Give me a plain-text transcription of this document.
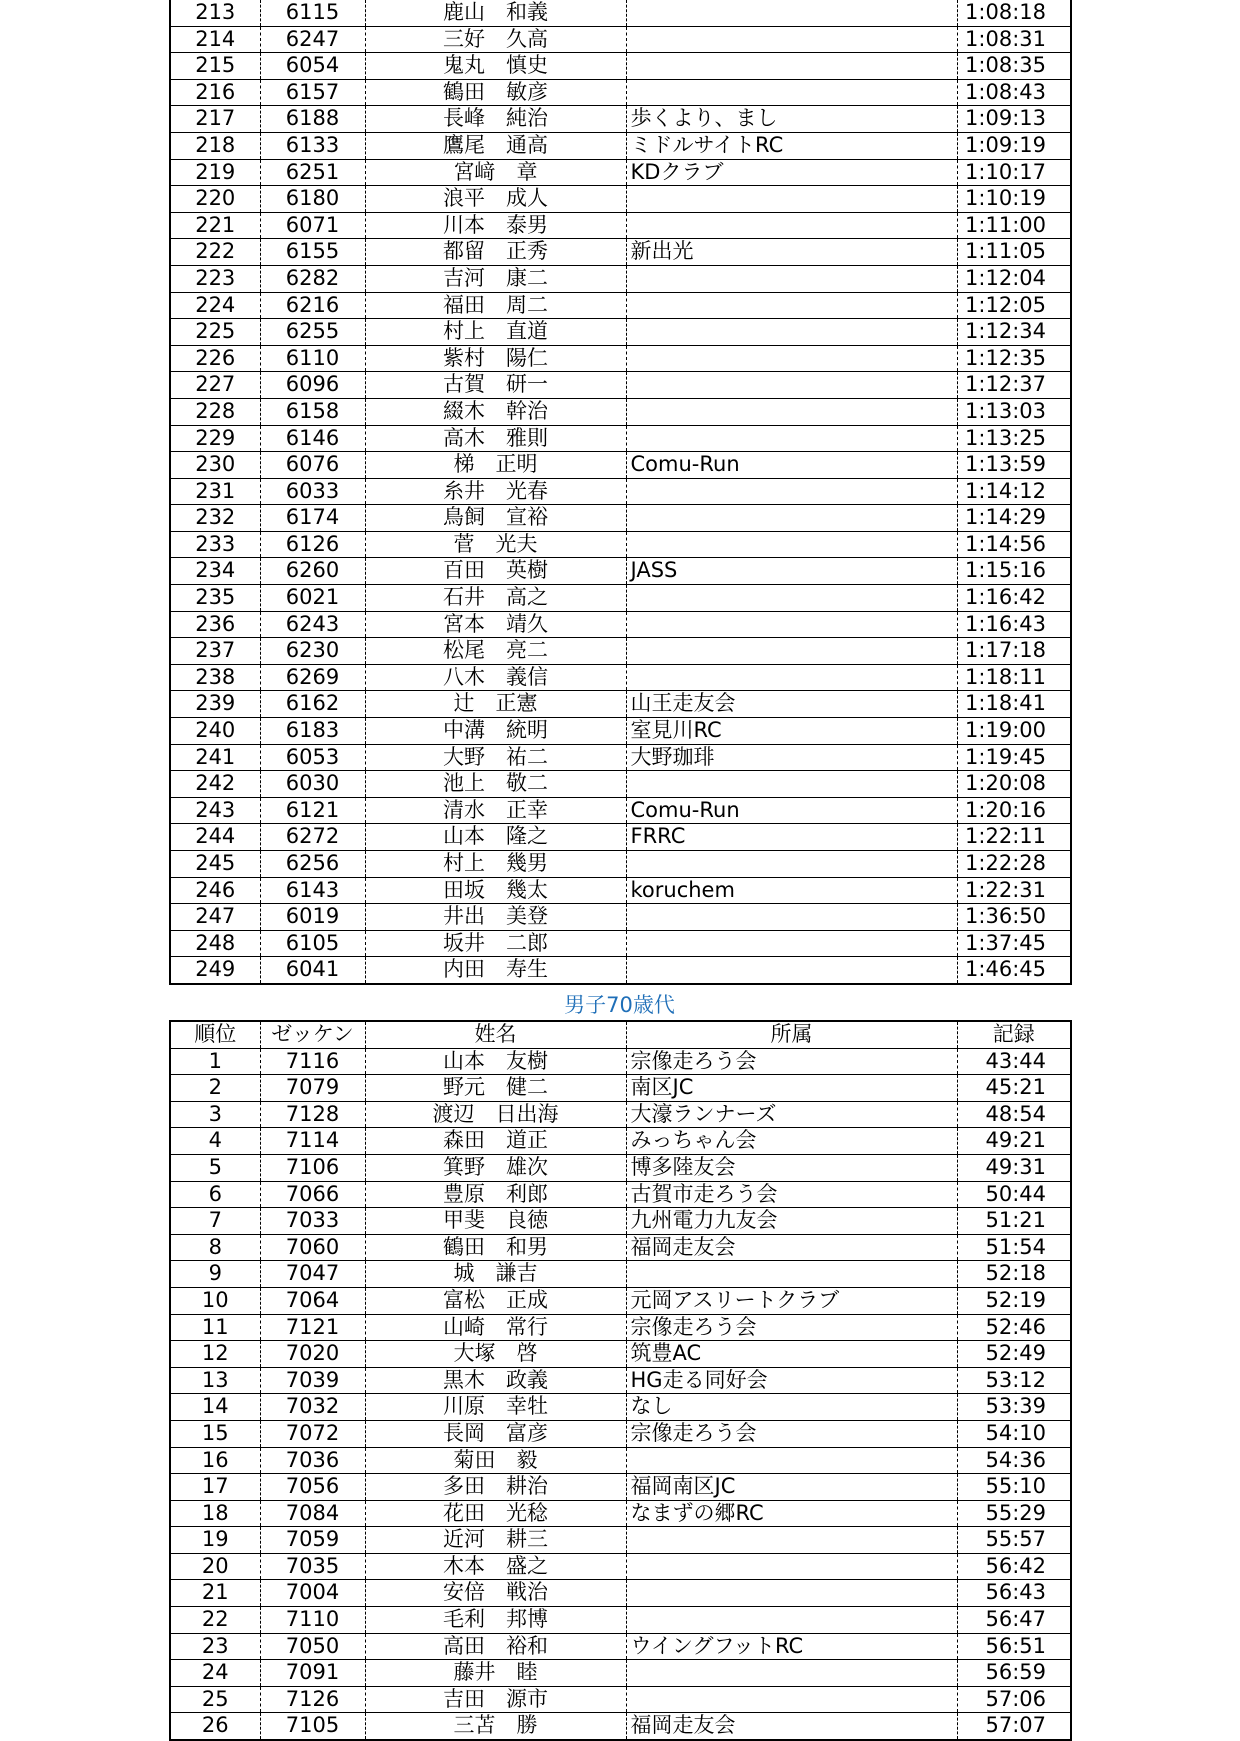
213	6115	鹿山　和義		1:08:18
214	6247	三好　久高		1:08:31
215	6054	鬼丸　慎史		1:08:35
216	6157	鶴田　敏彦		1:08:43
217	6188	長峰　純治	歩くより、まし	1:09:13
218	6133	鷹尾　通高	ミドルサイトRC	1:09:19
219	6251	宮﨑　章	KDクラブ	1:10:17
220	6180	浪平　成人		1:10:19
221	6071	川本　泰男		1:11:00
222	6155	都留　正秀	新出光	1:11:05
223	6282	吉河　康二		1:12:04
224	6216	福田　周二		1:12:05
225	6255	村上　直道		1:12:34
226	6110	紫村　陽仁		1:12:35
227	6096	古賀　研一		1:12:37
228	6158	綴木　幹治		1:13:03
229	6146	高木　雅則		1:13:25
230	6076	梯　正明	Comu-Run	1:13:59
231	6033	糸井　光春		1:14:12
232	6174	鳥飼　宣裕		1:14:29
233	6126	菅　光夫		1:14:56
234	6260	百田　英樹	JASS	1:15:16
235	6021	石井　高之		1:16:42
236	6243	宮本　靖久		1:16:43
237	6230	松尾　亮二		1:17:18
238	6269	八木　義信		1:18:11
239	6162	辻　正憲	山王走友会	1:18:41
240	6183	中溝　統明	室見川RC	1:19:00
241	6053	大野　祐二	大野珈琲	1:19:45
242	6030	池上　敬二		1:20:08
243	6121	清水　正幸	Comu-Run	1:20:16
244	6272	山本　隆之	FRRC	1:22:11
245	6256	村上　幾男		1:22:28
246	6143	田坂　幾太	koruchem	1:22:31
247	6019	井出　美登		1:36:50
248	6105	坂井　二郎		1:37:45
249	6041	内田　寿生		1:46:45
男子70歳代
順位	ゼッケン	姓名	所属	記録
1	7116	山本　友樹	宗像走ろう会	43:44
2	7079	野元　健二	南区JC	45:21
3	7128	渡辺　日出海	大濠ランナーズ	48:54
4	7114	森田　道正	みっちゃん会	49:21
5	7106	箕野　雄次	博多陸友会	49:31
6	7066	豊原　利郎	古賀市走ろう会	50:44
7	7033	甲斐　良徳	九州電力九友会	51:21
8	7060	鶴田　和男	福岡走友会	51:54
9	7047	城　謙吉		52:18
10	7064	富松　正成	元岡アスリートクラブ	52:19
11	7121	山崎　常行	宗像走ろう会	52:46
12	7020	大塚　啓	筑豊AC	52:49
13	7039	黒木　政義	HG走る同好会	53:12
14	7032	川原　幸牡	なし	53:39
15	7072	長岡　富彦	宗像走ろう会	54:10
16	7036	菊田　毅		54:36
17	7056	多田　耕治	福岡南区JC	55:10
18	7084	花田　光稔	なまずの郷RC	55:29
19	7059	近河　耕三		55:57
20	7035	木本　盛之		56:42
21	7004	安倍　戦治		56:43
22	7110	毛利　邦博		56:47
23	7050	高田　裕和	ウイングフットRC	56:51
24	7091	藤井　睦		56:59
25	7126	吉田　源市		57:06
26	7105	三苫　勝	福岡走友会	57:07
